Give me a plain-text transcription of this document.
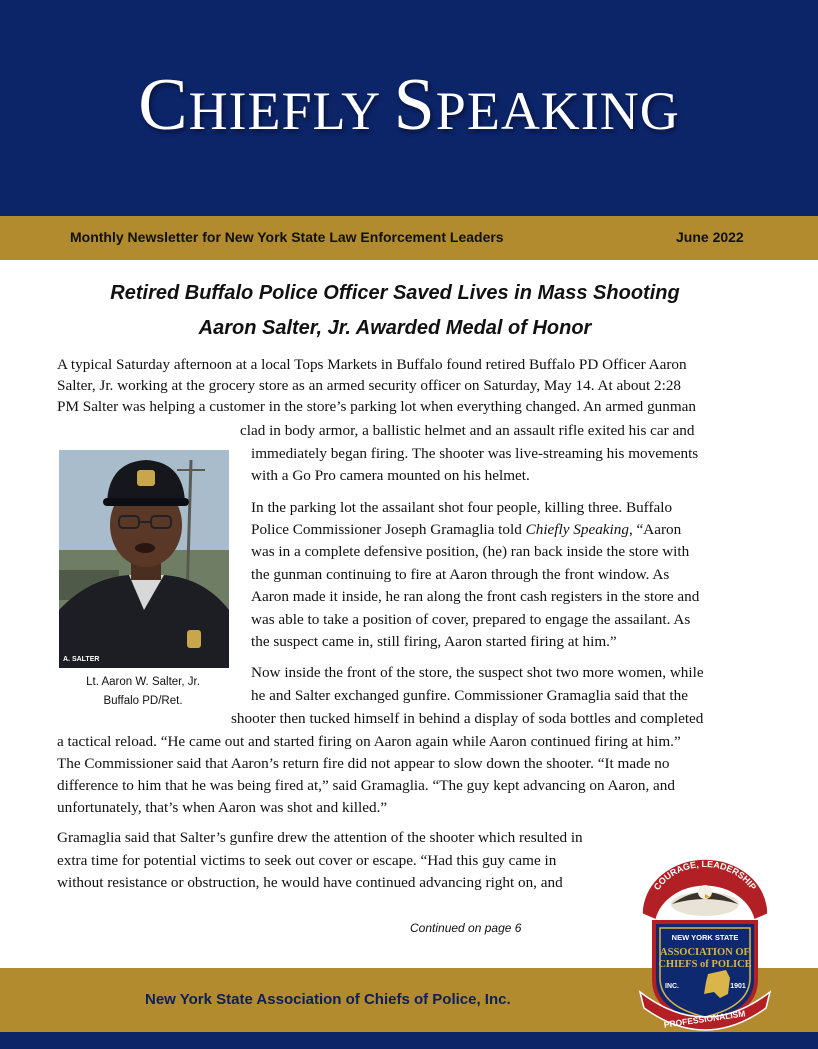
CHIEFLY SPEAKING
Monthly Newsletter for New York State Law Enforcement Leaders	June 2022
Retired Buffalo Police Officer Saved Lives in Mass Shooting
Aaron Salter, Jr. Awarded Medal of Honor

A typical Saturday afternoon at a local Tops Markets in Buffalo found retired Buffalo PD Officer Aaron

Salter, Jr. working at the grocery store as an armed security officer on Saturday, May 14. At about 2:28

PM Salter was helping a customer in the store’s parking lot when everything changed. An armed gunman

clad in body armor, a ballistic helmet and an assault rifle exited his car and

immediately began firing. The shooter was live-streaming his movements

with a Go Pro camera mounted on his helmet.

In the parking lot the assailant shot four people, killing three. Buffalo

Police Commissioner Joseph Gramaglia told Chiefly Speaking, “Aaron

was in a complete defensive position, (he) ran back inside the store with

the gunman continuing to fire at Aaron through the front window. As

Aaron made it inside, he ran along the front cash registers in the store and

was able to take a position of cover, prepared to engage the assailant. As

the suspect came in, still firing, Aaron started firing at him.”

Now inside the front of the store, the suspect shot two more women, while

he and Salter exchanged gunfire. Commissioner Gramaglia said that the

shooter then tucked himself in behind a display of soda bottles and completed

a tactical reload. “He came out and started firing on Aaron again while Aaron continued firing at him.”

The Commissioner said that Aaron’s return fire did not appear to slow down the shooter. “It made no

difference to him that he was being fired at,” said Gramaglia. “The guy kept advancing on Aaron, and

unfortunately, that’s when Aaron was shot and killed.”

Gramaglia said that Salter’s gunfire drew the attention of the shooter which resulted in

extra time for potential victims to seek out cover or escape. “Had this guy came in

without resistance or obstruction, he would have continued advancing right on, and

A. SALTER
Lt. Aaron W. Salter, Jr.
Buffalo PD/Ret.
Continued on page 6
New York State Association of Chiefs of Police, Inc.
COURAGE, LEADERSHIP
NEW YORK STATE
ASSOCIATION OF
CHIEFS of POLICE
INC.	1901
PROFESSIONALISM
